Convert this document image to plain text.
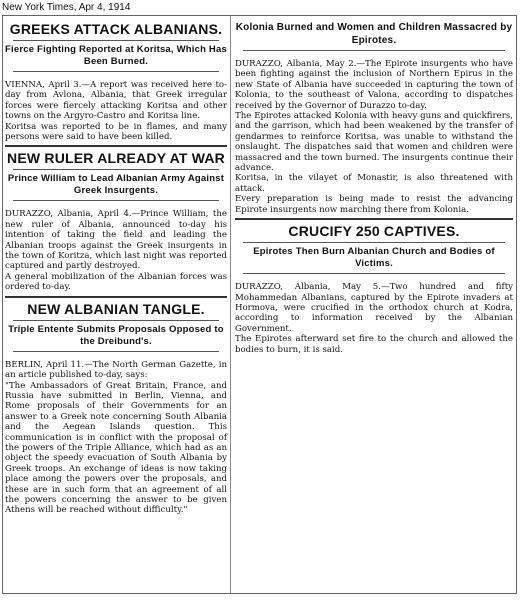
New York Times, Apr 4, 1914

GREEKS ATTACK ALBANIANS.

Fierce Fighting Reported at Koritsa, Which Has Been Burned.

VIENNA, April 3.—A report was received here to-day from Avlona, Albania, that Greek irregular forces were fiercely attacking Koritsa and other towns on the Argyro-Castro and Koritsa line.

Koritsa was reported to be in flames, and many persons were said to have been killed.

NEW RULER ALREADY AT WAR

Prince William to Lead Albanian Army Against Greek Insurgents.

DURAZZO, Albania, April 4.—Prince William, the new ruler of Albania, announced to-day his intention of taking the field and leading the Albanian troops against the Greek insurgents in the town of Koritza, which last night was reported captured and partly destroyed.

A general mobilization of the Albanian forces was ordered to-day.

NEW ALBANIAN TANGLE.

Triple Entente Submits Proposals Opposed to the Dreibund's.

BERLIN, April 11.—The North German Gazette, in an article published to-day, says:

"The Ambassadors of Great Britain, France, and Russia have submitted in Berlin, Vienna, and Rome proposals of their Governments for an answer to a Greek note concerning South Albania and the Aegean Islands question. This communication is in conflict with the proposal of the powers of the Triple Alliance, which had as an object the speedy evacuation of South Albania by Greek troops. An exchange of ideas is now taking place among the powers over the proposals, and these are in such form that an agreement of all the powers concerning the answer to be given Athens will be reached without difficulty."

Kolonia Burned and Women and Children Massacred by Epirotes.

DURAZZO, Albania, May 2.—The Epirote insurgents who have been fighting against the inclusion of Northern Epirus in the new State of Albania have succeeded in capturing the town of Kolonia, to the southeast of Valona, according to dispatches received by the Governor of Durazzo to-day.

The Epirotes attacked Kolonia with heavy guns and quickfirers, and the garrison, which had been weakened by the transfer of gendarmes to reinforce Koritsa, was unable to withstand the onslaught. The dispatches said that women and children were massacred and the town burned. The insurgents continue their advance.

Koritsa, in the vilayet of Monastir, is also threatened with attack.

Every preparation is being made to resist the advancing Epirote insurgents now marching there from Kolonia.

CRUCIFY 250 CAPTIVES.

Epirotes Then Burn Albanian Church and Bodies of Victims.

DURAZZO, Albania, May 5.—Two hundred and fifty Mohammedan Albanians, captured by the Epirote invaders at Hormova, were crucified in the orthodox church at Kodra, according to information received by the Albanian Government.

The Epirotes afterward set fire to the church and allowed the bodies to burn, it is said.
